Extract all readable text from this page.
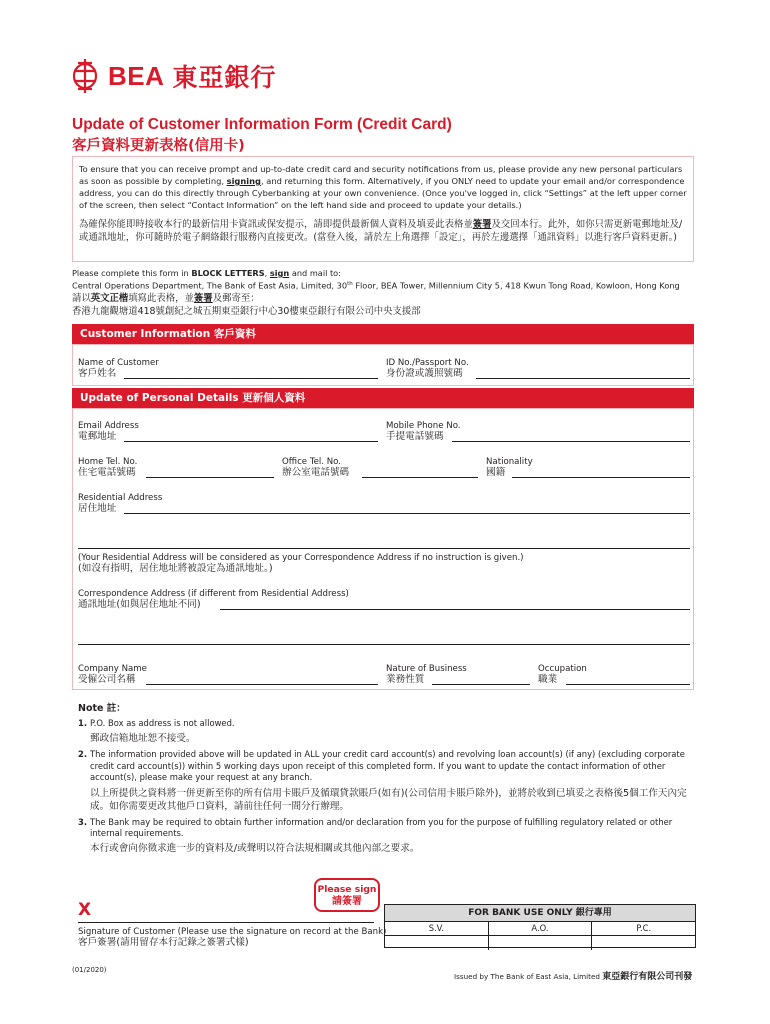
BEA 東亞銀行
Update of Customer Information Form (Credit Card)
客戶資料更新表格(信用卡)

To ensure that you can receive prompt and up-to-date credit card and security notifications from us, please provide any new personal particulars as soon as possible by completing, signing, and returning this form. Alternatively, if you ONLY need to update your email and/or correspondence address, you can do this directly through Cyberbanking at your own convenience. (Once you've logged in, click “Settings” at the left upper corner of the screen, then select “Contact Information” on the left hand side and proceed to update your details.)

為確保你能即時接收本行的最新信用卡資訊或保安提示，請即提供最新個人資料及填妥此表格並簽署及交回本行。此外，如你只需更新電郵地址及/或通訊地址，你可隨時於電子網絡銀行服務內直接更改。(當登入後，請於左上角選擇「設定」，再於左邊選擇「通訊資料」以進行客戶資料更新。)

Please complete this form in BLOCK LETTERS, sign and mail to:
Central Operations Department, The Bank of East Asia, Limited, 30th Floor, BEA Tower, Millennium City 5, 418 Kwun Tong Road, Kowloon, Hong Kong
請以英文正楷填寫此表格，並簽署及郵寄至：
香港九龍觀塘道418號創紀之城五期東亞銀行中心30樓東亞銀行有限公司中央支援部
Customer Information 客戶資料
Name of Customer
客戶姓名
ID No./Passport No.
身份證或護照號碼
Update of Personal Details 更新個人資料
Email Address
電郵地址
Mobile Phone No.
手提電話號碼
Home Tel. No.
住宅電話號碼
Office Tel. No.
辦公室電話號碼
Nationality
國籍
Residential Address
居住地址
(Your Residential Address will be considered as your Correspondence Address if no instruction is given.)
(如沒有指明，居住地址將被設定為通訊地址。)
Correspondence Address (if different from Residential Address)
通訊地址(如與居住地址不同)
Company Name
受僱公司名稱
Nature of Business
業務性質
Occupation
職業
Note 註：
1. P.O. Box as address is not allowed.
郵政信箱地址恕不接受。
2. The information provided above will be updated in ALL your credit card account(s) and revolving loan account(s) (if any) (excluding corporate credit card account(s)) within 5 working days upon receipt of this completed form. If you want to update the contact information of other account(s), please make your request at any branch.
以上所提供之資料將一併更新至你的所有信用卡賬戶及循環貸款賬戶(如有)(公司信用卡賬戶除外)，並將於收到已填妥之表格後5個工作天內完成。如你需要更改其他戶口資料，請前往任何一間分行辦理。
3. The Bank may be required to obtain further information and/or declaration from you for the purpose of fulfilling regulatory related or other internal requirements.
本行或會向你徵求進一步的資料及/或聲明以符合法規相關或其他內部之要求。
Please sign
請簽署
X
Signature of Customer (Please use the signature on record at the Bank)
客戶簽署(請用留存本行記錄之簽署式樣)
FOR BANK USE ONLY 銀行專用
S.V.	A.O.	P.C.
(01/2020)
Issued by The Bank of East Asia, Limited 東亞銀行有限公司刊發
